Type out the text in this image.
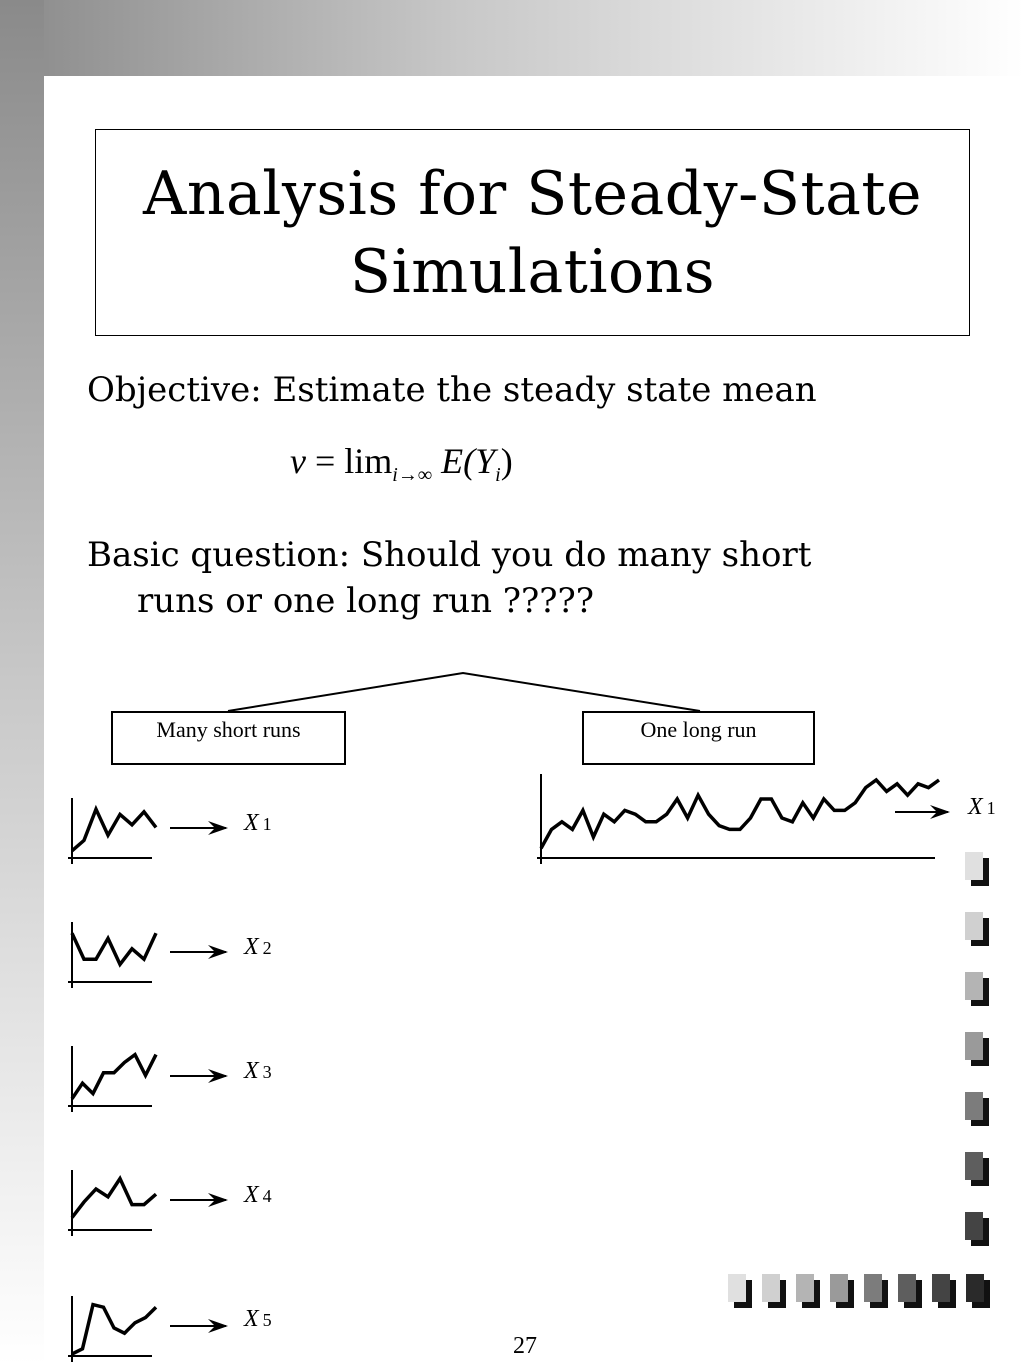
Analysis for Steady-State
Simulations
Objective: Estimate the steady state mean
$\nu = \lim_{i\to\infty} E(Y_i)$
Basic question: Should you do many short
runs or one long run ?????
Many short runs	One long run
X 1
X 2
X 3
X 4
X 5
X 1
27
